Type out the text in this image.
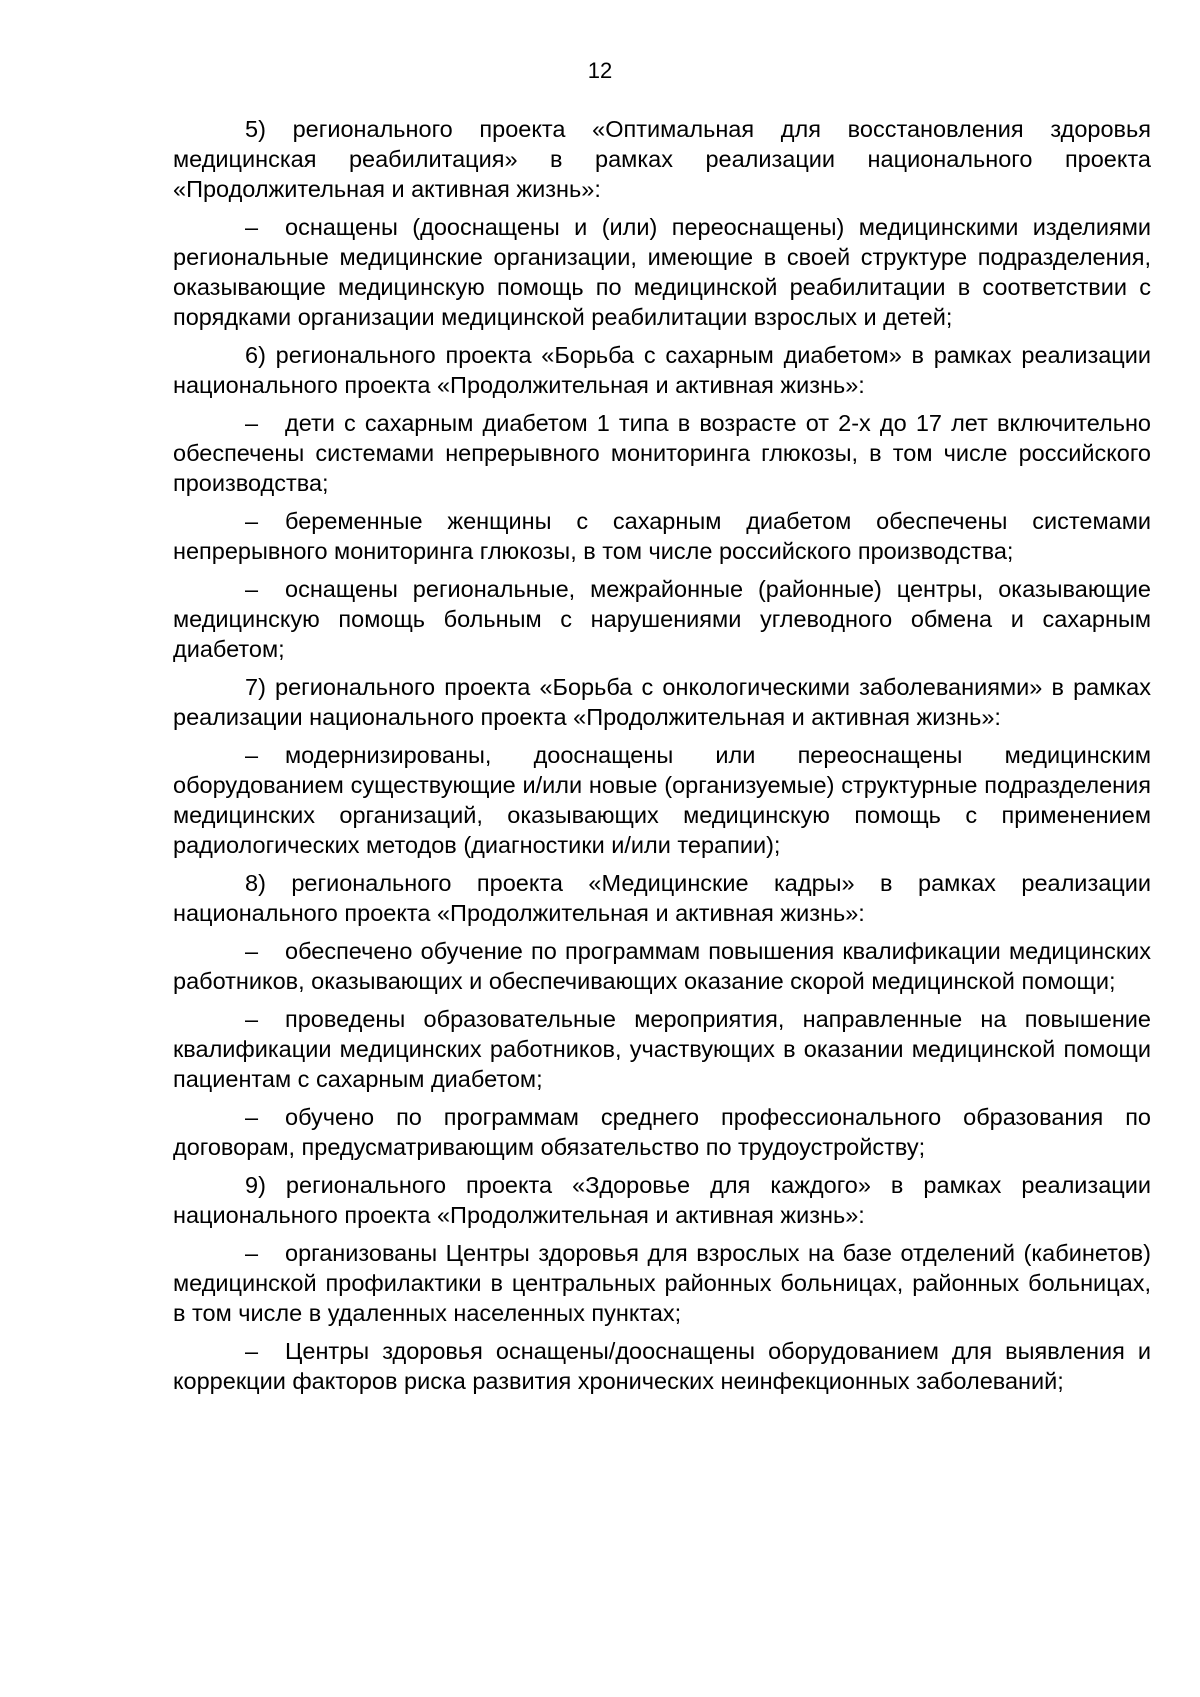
12

5) регионального проекта «Оптимальная для восстановления здоровья медицинская реабилитация» в рамках реализации национального проекта «Продолжительная и активная жизнь»:

– оснащены (дооснащены и (или) переоснащены) медицинскими изделиями региональные медицинские организации, имеющие в своей структуре подразделения, оказывающие медицинскую помощь по медицинской реабилитации в соответствии с порядками организации медицинской реабилитации взрослых и детей;

6) регионального проекта «Борьба с сахарным диабетом» в рамках реализации национального проекта «Продолжительная и активная жизнь»:

– дети с сахарным диабетом 1 типа в возрасте от 2-х до 17 лет включительно обеспечены системами непрерывного мониторинга глюкозы, в том числе российского производства;

– беременные женщины с сахарным диабетом обеспечены системами непрерывного мониторинга глюкозы, в том числе российского производства;

– оснащены региональные, межрайонные (районные) центры, оказывающие медицинскую помощь больным с нарушениями углеводного обмена и сахарным диабетом;

7) регионального проекта «Борьба с онкологическими заболеваниями» в рамках реализации национального проекта «Продолжительная и активная жизнь»:

– модернизированы, дооснащены или переоснащены медицинским оборудованием существующие и/или новые (организуемые) структурные подразделения медицинских организаций, оказывающих медицинскую помощь с применением радиологических методов (диагностики и/или терапии);

8) регионального проекта «Медицинские кадры» в рамках реализации национального проекта «Продолжительная и активная жизнь»:

– обеспечено обучение по программам повышения квалификации медицинских работников, оказывающих и обеспечивающих оказание скорой медицинской помощи;

– проведены образовательные мероприятия, направленные на повышение квалификации медицинских работников, участвующих в оказании медицинской помощи пациентам с сахарным диабетом;

– обучено по программам среднего профессионального образования по договорам, предусматривающим обязательство по трудоустройству;

9) регионального проекта «Здоровье для каждого» в рамках реализации национального проекта «Продолжительная и активная жизнь»:

– организованы Центры здоровья для взрослых на базе отделений (кабинетов) медицинской профилактики в центральных районных больницах, районных больницах, в том числе в удаленных населенных пунктах;

– Центры здоровья оснащены/дооснащены оборудованием для выявления и коррекции факторов риска развития хронических неинфекционных заболеваний;
